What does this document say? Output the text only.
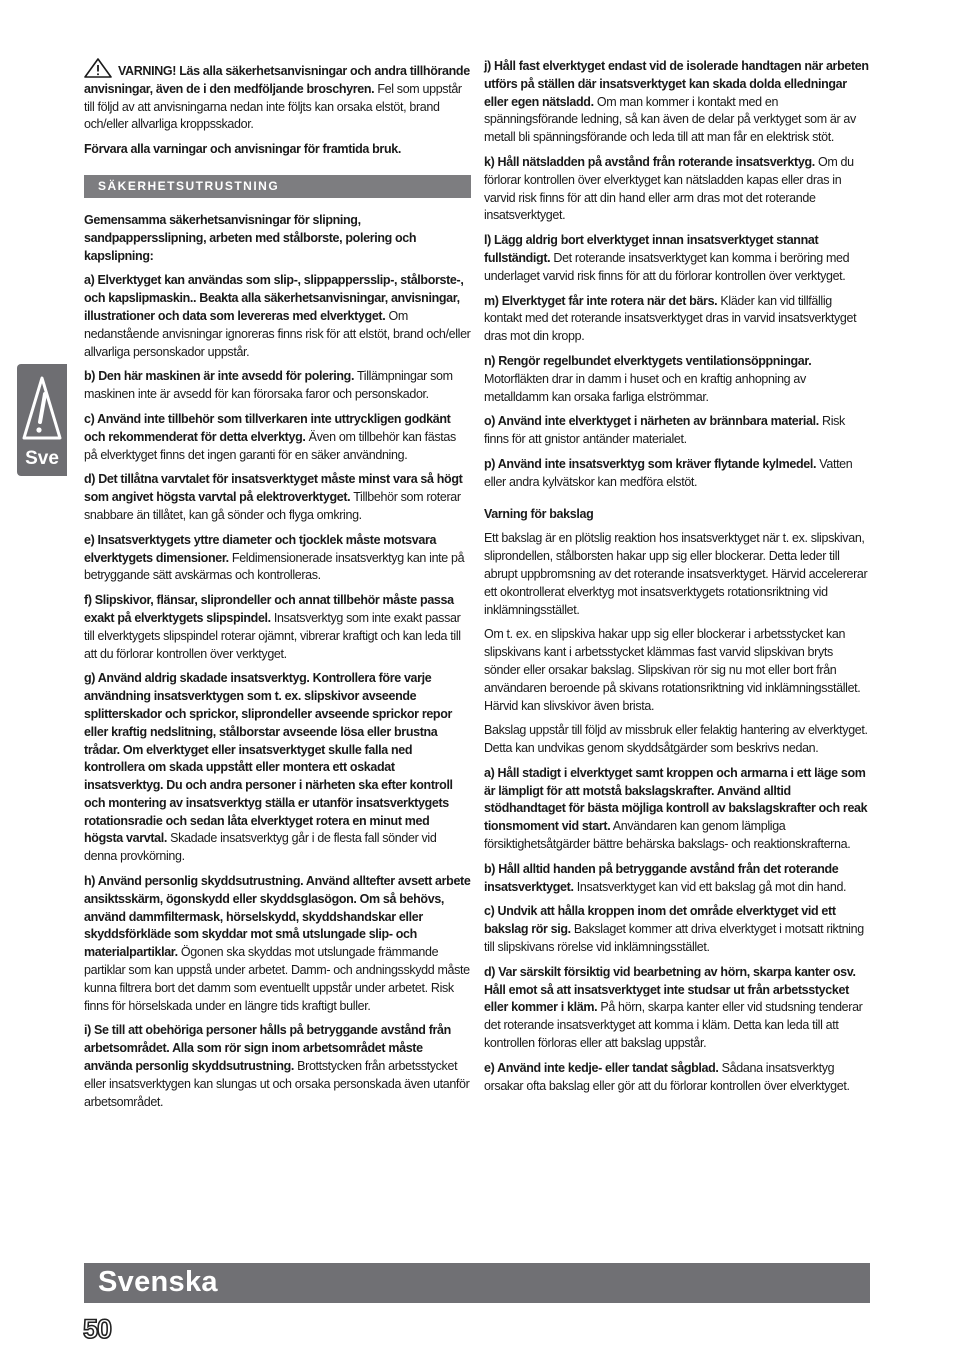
Sve

VARNING! Läs alla säkerhetsanvisningar och andra tillhörande anvisningar, även de i den medföljande broschyren. Fel som uppstår till följd av att anvisningarna nedan inte följts kan orsaka elstöt, brand och/eller allvarliga kroppsskador.

Förvara alla varningar och anvisningar för framtida bruk.

SÄKERHETSUTRUSTNING

Gemensamma säkerhetsanvisningar för slipning, sandpappersslipning, arbeten med stålborste, polering och kapslipning:

a) Elverktyget kan användas som slip-, slippappersslip-, stålborste-, och kapslipmaskin.. Beakta alla säkerhetsanvisningar, anvisningar, illustrationer och data som levereras med elverktyget. Om nedanstående anvisningar ignoreras finns risk för att elstöt, brand och/eller allvarliga personskador uppstår.

b) Den här maskinen är inte avsedd för polering. Tillämpningar som maskinen inte är avsedd för kan förorsaka faror och personskador.

c) Använd inte tillbehör som tillverkaren inte uttryckligen godkänt och rekommenderat för detta elverktyg. Även om tillbehör kan fästas på elverktyget finns det ingen garanti för en säker användning.

d) Det tillåtna varvtalet för insatsverktyget måste minst vara så högt som angivet högsta varvtal på elektroverktyget. Tillbehör som roterar snabbare än tillåtet, kan gå sönder och flyga omkring.

e) Insatsverktygets yttre diameter och tjocklek måste motsvara elverktygets dimensioner. Feldimensionerade insatsverktyg kan inte på betryggande sätt avskärmas och kontrolleras.

f) Slipskivor, flänsar, sliprondeller och annat tillbehör måste passa exakt på elverktygets slipspindel. Insatsverktyg som inte exakt passar till elverktygets slipspindel roterar ojämnt, vibrerar kraftigt och kan leda till att du förlorar kontrollen över verktyget.

g) Använd aldrig skadade insatsverktyg. Kontrollera före varje användning insatsverktygen som t. ex. slipskivor avseende splitterskador och sprickor, sliprondeller avseende sprickor repor eller kraftig nedslitning, stålborstar avseende lösa eller brustna trådar. Om elverktyget eller insatsverktyget skulle falla ned kontrollera om skada uppstått eller montera ett oskadat insatsverktyg. Du och andra personer i närheten ska efter kontroll och montering av insatsverktyg ställa er utanför insatsverktygets rotationsradie och sedan låta elverktyget rotera en minut med högsta varvtal. Skadade insatsverktyg går i de flesta fall sönder vid denna provkörning.

h) Använd personlig skyddsutrustning. Använd alltefter avsett arbete ansiktsskärm, ögonskydd eller skyddsglasögon. Om så behövs, använd dammfiltermask, hörselskydd, skyddshandskar eller skyddsförkläde som skyddar mot små utslungade slip- och materialpartiklar. Ögonen ska skyddas mot utslungade främmande partiklar som kan uppstå under arbetet. Damm- och andningsskydd måste kunna filtrera bort det damm som eventuellt uppstår under arbetet. Risk finns för hörselskada under en längre tids kraftigt buller.

i) Se till att obehöriga personer hålls på betryggande avstånd från arbetsområdet. Alla som rör sign inom arbetsområdet måste använda personlig skyddsutrustning. Brottstycken från arbetsstycket eller insatsverktygen kan slungas ut och orsaka personskada även utanför arbetsområdet.

j) Håll fast elverktyget endast vid de isolerade handtagen när arbeten utförs på ställen där insatsverktyget kan skada dolda elledningar eller egen nätsladd. Om man kommer i kontakt med en spänningsförande ledning, så kan även de delar på verktyget som är av metall bli spänningsförande och leda till att man får en elektrisk stöt.

k) Håll nätsladden på avstånd från roterande insatsverktyg. Om du förlorar kontrollen över elverktyget kan nätsladden kapas eller dras in varvid risk finns för att din hand eller arm dras mot det roterande insatsverktyget.

l) Lägg aldrig bort elverktyget innan insatsverktyget stannat fullständigt. Det roterande insatsverktyget kan komma i beröring med underlaget varvid risk finns för att du förlorar kontrollen över verktyget.

m) Elverktyget får inte rotera när det bärs. Kläder kan vid tillfällig kontakt med det roterande insatsverktyget dras in varvid insatsverktyget dras mot din kropp.

n) Rengör regelbundet elverktygets ventilationsöppningar. Motorfläkten drar in damm i huset och en kraftig anhopning av metalldamm kan orsaka farliga elströmmar.

o) Använd inte elverktyget i närheten av brännbara material. Risk finns för att gnistor antänder materialet.

p) Använd inte insatsverktyg som kräver flytande kylmedel. Vatten eller andra kylvätskor kan medföra elstöt.

Varning för bakslag

Ett bakslag är en plötslig reaktion hos insatsverktyget när t. ex. slipskivan, sliprondellen, stålborsten hakar upp sig eller blockerar. Detta leder till abrupt uppbromsning av det roterande insatsverktyget. Härvid accelererar ett okontrollerat elverktyg mot insatsverktygets rotationsriktning vid inklämningsstället.

Om t. ex. en slipskiva hakar upp sig eller blockerar i arbetsstycket kan slipskivans kant i arbetsstycket klämmas fast varvid slipskivan bryts sönder eller orsakar bakslag. Slipskivan rör sig nu mot eller bort från användaren beroende på skivans rotationsriktning vid inklämningsstället. Härvid kan slivskivor även brista.

Bakslag uppstår till följd av missbruk eller felaktig hantering av elverktyget. Detta kan undvikas genom skyddsåtgärder som beskrivs nedan.

a) Håll stadigt i elverktyget samt kroppen och armarna i ett läge som är lämpligt för att motstå bakslagskrafter. Använd alltid stödhandtaget för bästa möjliga kontroll av bakslagskrafter och reak tionsmoment vid start. Användaren kan genom lämpliga försiktighetsåtgärder bättre behärska bakslags- och reaktionskrafterna.

b) Håll alltid handen på betryggande avstånd från det roterande insatsverktyget. Insatsverktyget kan vid ett bakslag gå mot din hand.

c) Undvik att hålla kroppen inom det område elverktyget vid ett bakslag rör sig. Bakslaget kommer att driva elverktyget i motsatt riktning till slipskivans rörelse vid inklämningsstället.

d) Var särskilt försiktig vid bearbetning av hörn, skarpa kanter osv. Håll emot så att insatsverktyget inte studsar ut från arbetsstycket eller kommer i kläm. På hörn, skarpa kanter eller vid studsning tenderar det roterande insatsverktyget att komma i kläm. Detta kan leda till att kontrollen förloras eller att bakslag uppstår.

e) Använd inte kedje- eller tandat sågblad. Sådana insatsverktyg orsakar ofta bakslag eller gör att du förlorar kontrollen över elverktyget.

Svenska
50
